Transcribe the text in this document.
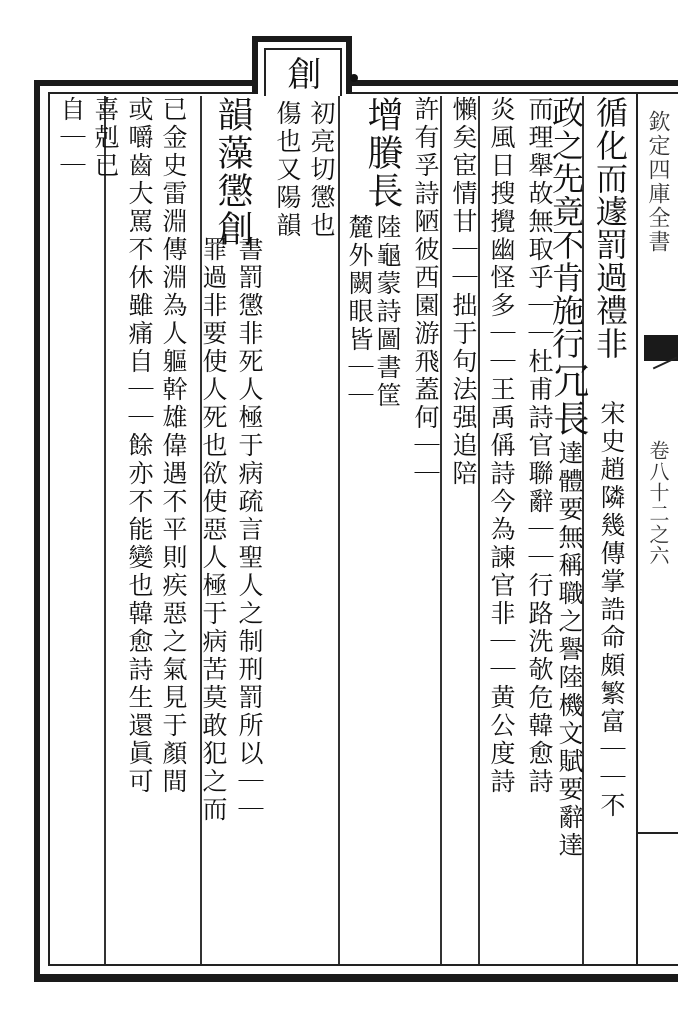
欽定四庫全書
卷八十二之六
創
循化而遽罰過禮非
宋史趙隣幾傳掌誥命頗繁富｜｜不
政之先竟不肯施行
冗長
達體要無稱職之譽陸機文賦要辭達
而理舉故無取乎｜｜杜甫詩官聯辭｜｜行路洗欹危韓愈詩
炎風日搜攪幽怪多｜｜王禹偁詩今為諫官非｜｜黄公度詩
懶矣宦情甘｜｜拙于句法强追陪
許有孚詩陋彼西園游飛蓋何｜｜
增賸長
陸龜蒙詩圖書筐
麓外闕眼皆｜｜
初亮切懲也
傷也又陽韻
韻藻懲創
書罰懲非死人極于病疏言聖人之制刑罰所以｜｜
罪過非要使人死也欲使惡人極于病苦莫敢犯之而
已金史雷淵傳淵為人軀幹雄偉遇不平則疾惡之氣見于顏間
或嚼齒大罵不休雖痛自｜｜餘亦不能變也韓愈詩生還眞可
喜剋已
自｜｜
